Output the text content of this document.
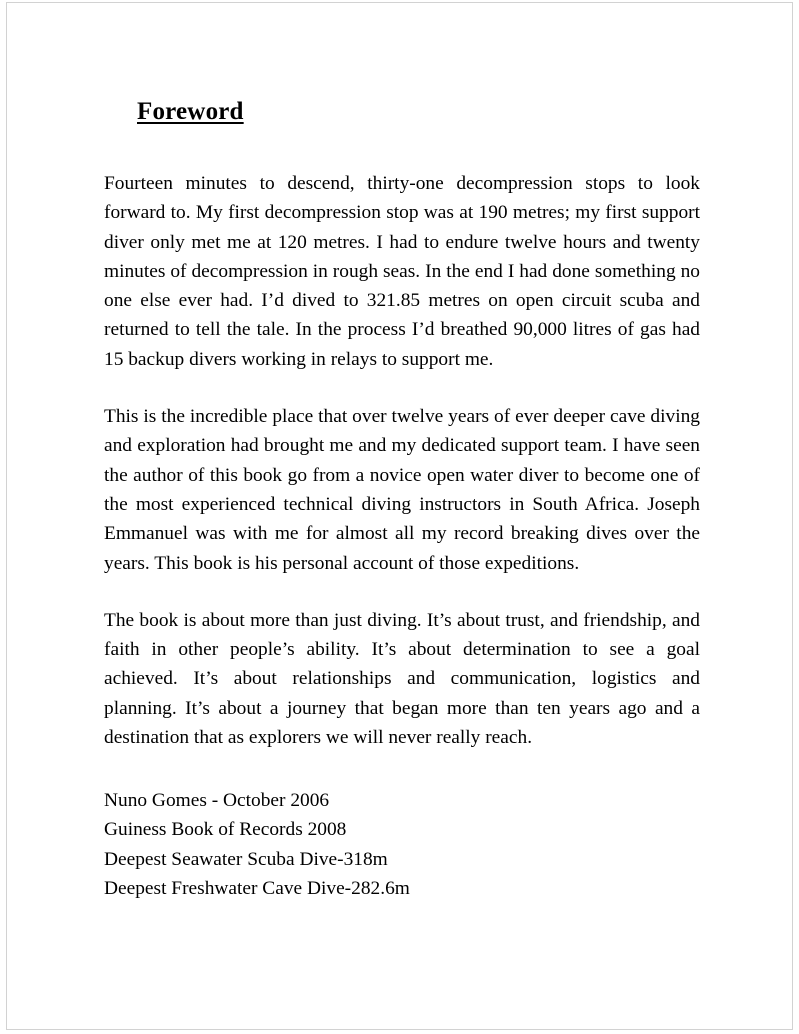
Foreword

Fourteen minutes to descend, thirty-one decompression stops to look forward to. My first decompression stop was at 190 metres; my first support diver only met me at 120 metres. I had to endure twelve hours and twenty minutes of decompression in rough seas. In the end I had done something no one else ever had. I’d dived to 321.85 metres on open circuit scuba and returned to tell the tale. In the process I’d breathed 90,000 litres of gas had 15 backup divers working in relays to support me.

This is the incredible place that over twelve years of ever deeper cave diving and exploration had brought me and my dedicated support team. I have seen the author of this book go from a novice open water diver to become one of the most experienced technical diving instructors in South Africa. Joseph Emmanuel was with me for almost all my record breaking dives over the years. This book is his personal account of those expeditions.

The book is about more than just diving. It’s about trust, and friendship, and faith in other people’s ability. It’s about determination to see a goal achieved. It’s about relationships and communication, logistics and planning. It’s about a journey that began more than ten years ago and a destination that as explorers we will never really reach.

Nuno Gomes - October 2006

Guiness Book of Records 2008

Deepest Seawater Scuba Dive-318m

Deepest Freshwater Cave Dive-282.6m
